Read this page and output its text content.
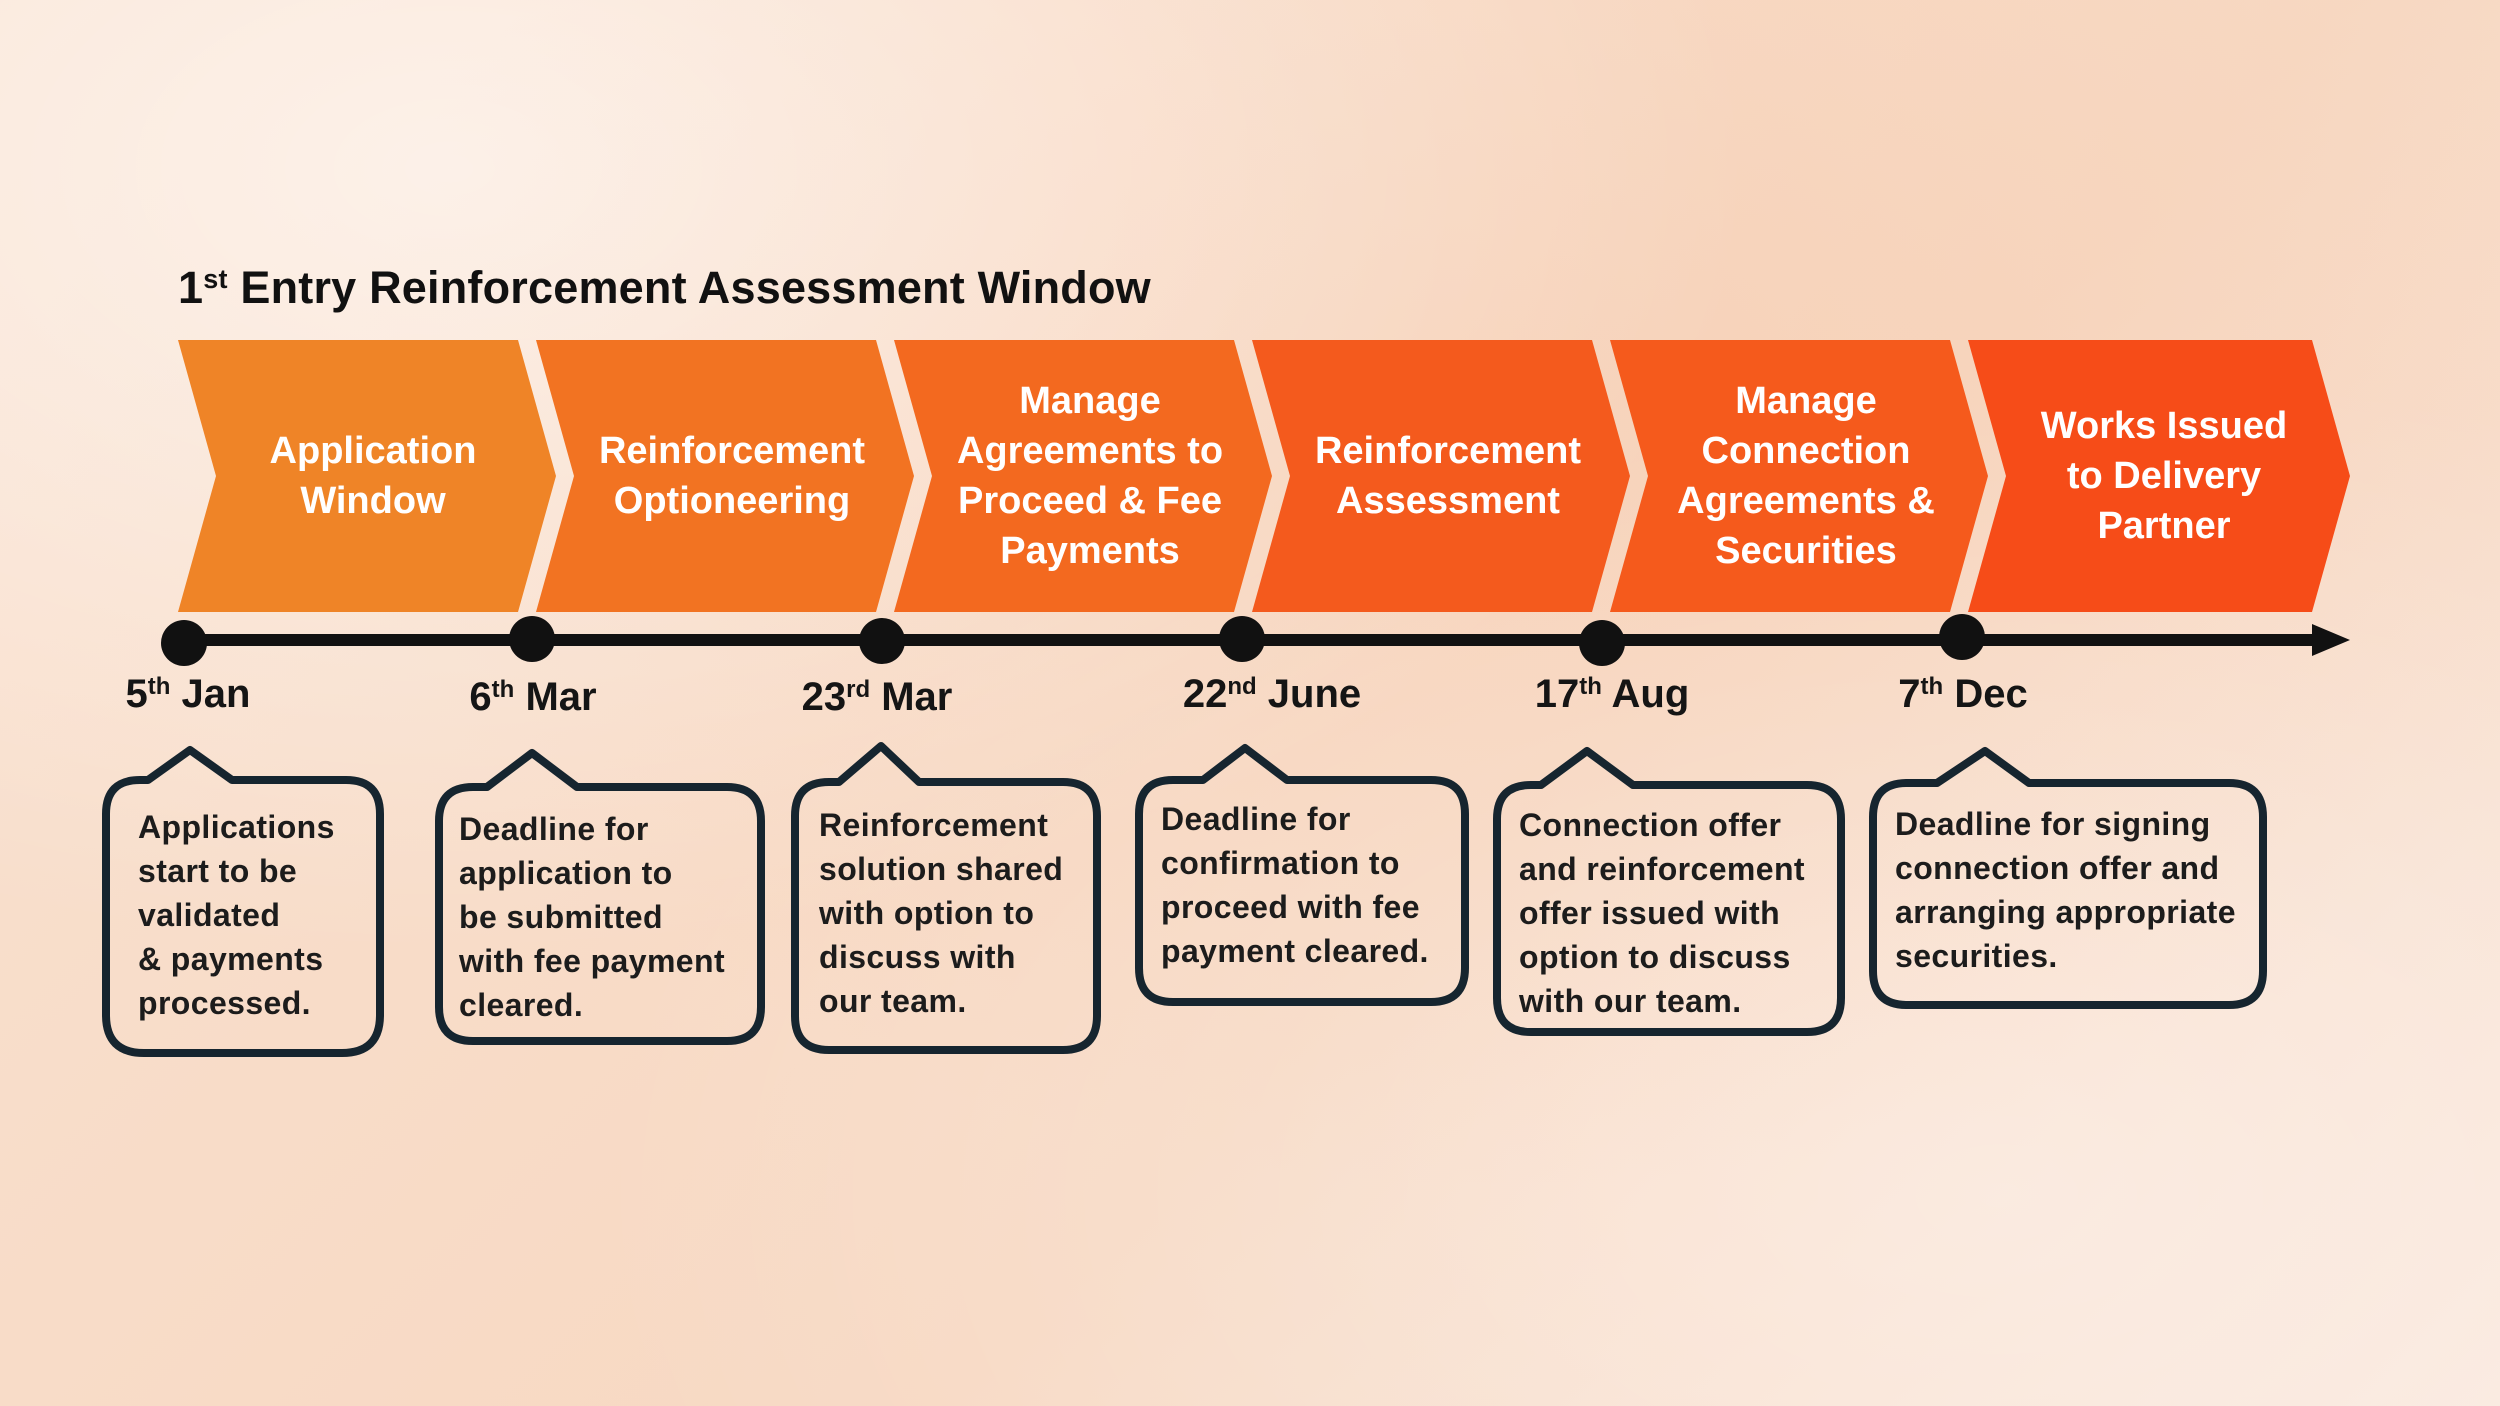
1st Entry Reinforcement Assessment Window
Application
Window
Reinforcement
Optioneering
Manage
Agreements to
Proceed & Fee
Payments
Reinforcement
Assessment
Manage
Connection
Agreements &
Securities
Works Issued
to Delivery
Partner
5th Jan	6th Mar	23rd Mar	22nd June	17th Aug	7th Dec
Applications
start to be
validated
& payments
processed.
Deadline for
application to
be submitted
with fee payment
cleared.
Reinforcement
solution shared
with option to
discuss with
our team.
Deadline for
confirmation to
proceed with fee
payment cleared.
Connection offer
and reinforcement
offer issued with
option to discuss
with our team.
Deadline for signing
connection offer and
arranging appropriate
securities.
